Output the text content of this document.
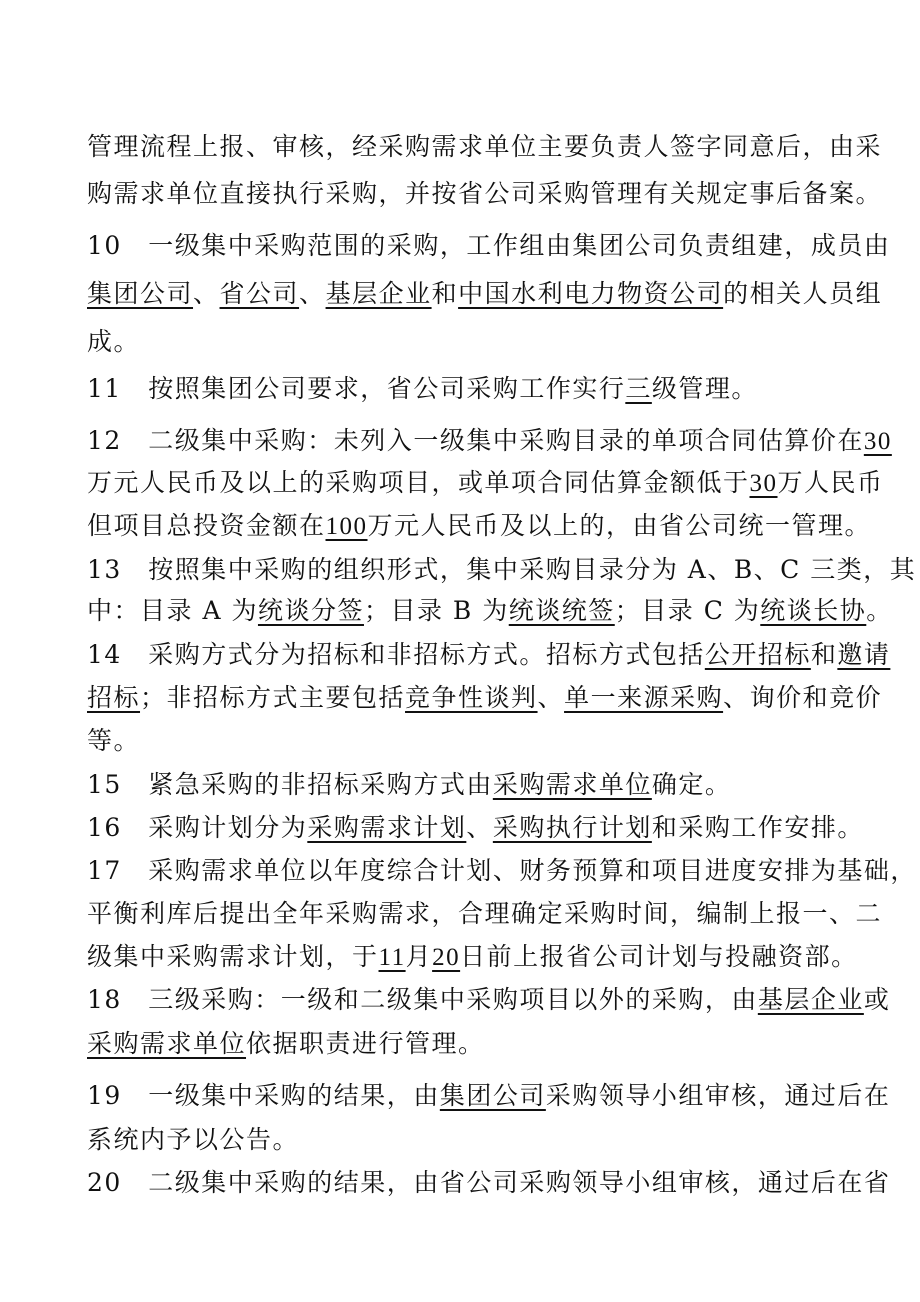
管理流程上报、审核，经采购需求单位主要负责人签字同意后，由采
购需求单位直接执行采购，并按省公司采购管理有关规定事后备案。
10　一级集中采购范围的采购，工作组由集团公司负责组建，成员由
集团公司、省公司、基层企业和中国水利电力物资公司的相关人员组
成。
11　按照集团公司要求，省公司采购工作实行三级管理。
12　二级集中采购：未列入一级集中采购目录的单项合同估算价在30
万元人民币及以上的采购项目，或单项合同估算金额低于30万人民币
但项目总投资金额在100万元人民币及以上的，由省公司统一管理。
13　按照集中采购的组织形式，集中采购目录分为 A、B、C 三类，其
中：目录 A 为统谈分签；目录 B 为统谈统签；目录 C 为统谈长协。
14　采购方式分为招标和非招标方式。招标方式包括公开招标和邀请
招标；非招标方式主要包括竞争性谈判、单一来源采购、询价和竞价
等。
15　紧急采购的非招标采购方式由采购需求单位确定。
16　采购计划分为采购需求计划、采购执行计划和采购工作安排。
17　采购需求单位以年度综合计划、财务预算和项目进度安排为基础，
平衡利库后提出全年采购需求，合理确定采购时间，编制上报一、二
级集中采购需求计划，于11月20日前上报省公司计划与投融资部。
18　三级采购：一级和二级集中采购项目以外的采购，由基层企业或
采购需求单位依据职责进行管理。
19　一级集中采购的结果，由集团公司采购领导小组审核，通过后在
系统内予以公告。
20　二级集中采购的结果，由省公司采购领导小组审核，通过后在省
